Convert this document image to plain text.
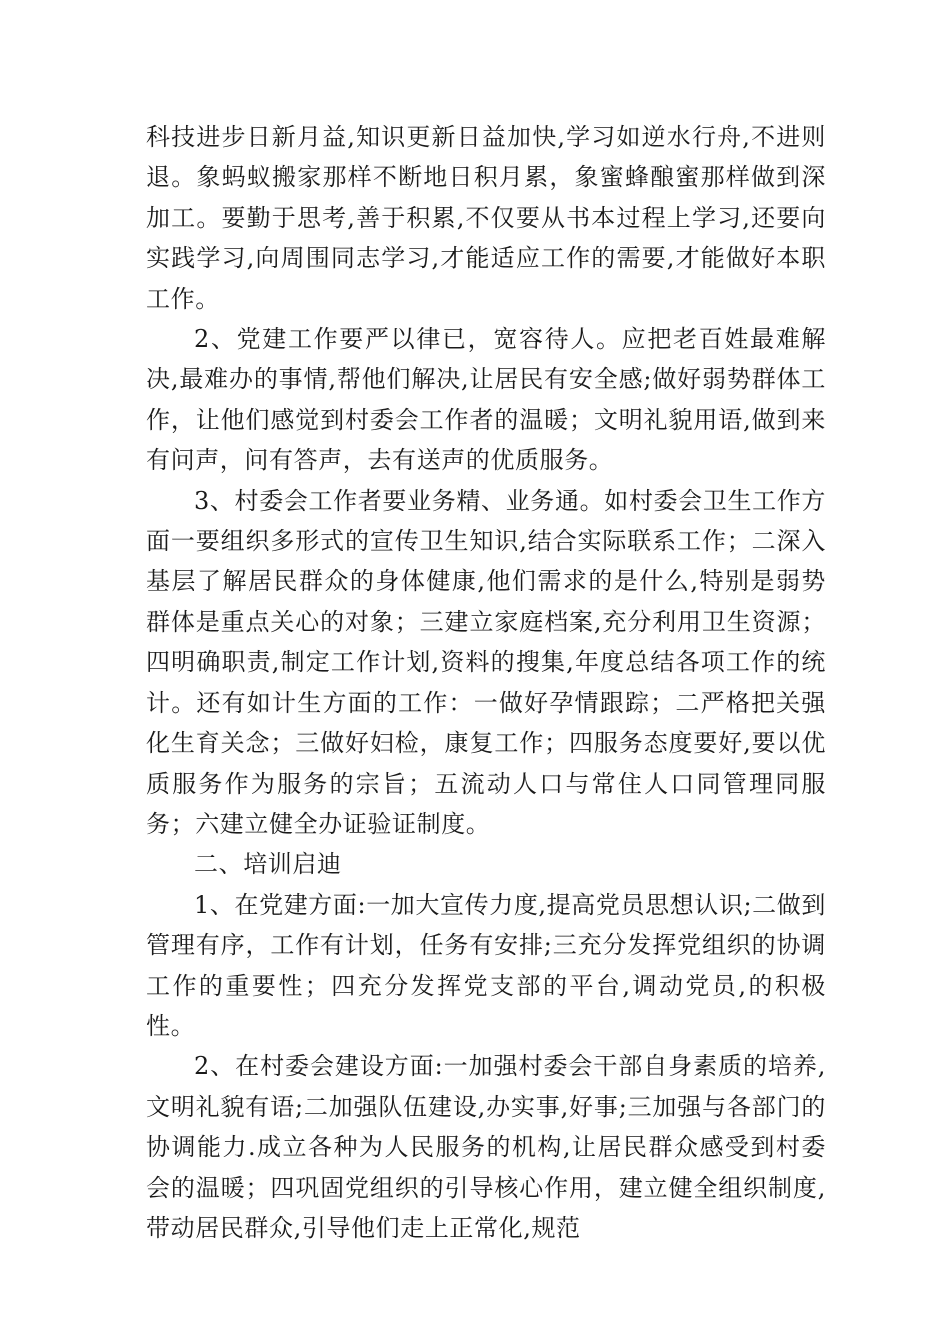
科技进步日新月益,知识更新日益加快,学习如逆水行舟,不进则退。象蚂蚁搬家那样不断地日积月累，象蜜蜂酿蜜那样做到深加工。要勤于思考,善于积累,不仅要从书本过程上学习,还要向实践学习,向周围同志学习,才能适应工作的需要,才能做好本职工作。

2、党建工作要严以律已，宽容待人。应把老百姓最难解决,最难办的事情,帮他们解决,让居民有安全感;做好弱势群体工作，让他们感觉到村委会工作者的温暖；文明礼貌用语,做到来有问声，问有答声，去有送声的优质服务。

3、村委会工作者要业务精、业务通。如村委会卫生工作方面一要组织多形式的宣传卫生知识,结合实际联系工作；二深入基层了解居民群众的身体健康,他们需求的是什么,特别是弱势群体是重点关心的对象；三建立家庭档案,充分利用卫生资源；四明确职责,制定工作计划,资料的搜集,年度总结各项工作的统计。还有如计生方面的工作：一做好孕情跟踪；二严格把关强化生育关念；三做好妇检，康复工作；四服务态度要好,要以优质服务作为服务的宗旨；五流动人口与常住人口同管理同服务；六建立健全办证验证制度。

二、培训启迪

1、在党建方面:一加大宣传力度,提高党员思想认识;二做到管理有序，工作有计划，任务有安排;三充分发挥党组织的协调工作的重要性；四充分发挥党支部的平台,调动党员,的积极性。

2、在村委会建设方面:一加强村委会干部自身素质的培养,文明礼貌有语;二加强队伍建设,办实事,好事;三加强与各部门的协调能力.成立各种为人民服务的机构,让居民群众感受到村委会的温暖；四巩固党组织的引导核心作用，建立健全组织制度,带动居民群众,引导他们走上正常化,规范
